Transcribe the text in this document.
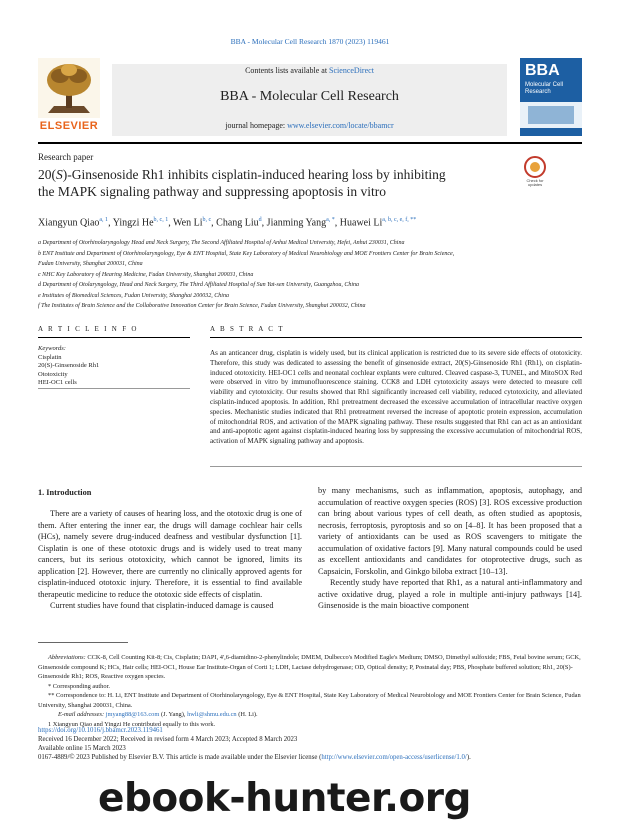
BBA - Molecular Cell Research 1870 (2023) 119461
ELSEVIER
Contents lists available at ScienceDirect
BBA - Molecular Cell Research
journal homepage: www.elsevier.com/locate/bbamcr
BBA
Molecular Cell
Research
Research paper
20(S)-Ginsenoside Rh1 inhibits cisplatin-induced hearing loss by inhibiting
the MAPK signaling pathway and suppressing apoptosis in vitro
Check for updates
Xiangyun Qiao$^{a, 1}$, Yingzi He$^{b, c, 1}$, Wen Li$^{b, c}$, Chang Liu$^d$, Jianming Yang$^{a, *}$, Huawei $Li^{a, b, c, e, f, **}$
a Department of Otorhinolaryngology Head and Neck Surgery, The Second Affiliated Hospital of Anhui Medical University, Hefei, Anhui 230031, China
b ENT Institute and Department of Otorhinolaryngology, Eye & ENT Hospital, State Key Laboratory of Medical Neurobiology and MOE Frontiers Center for Brain Science,
Fudan University, Shanghai 200031, China
c NHC Key Laboratory of Hearing Medicine, Fudan University, Shanghai 200031, China
d Department of Otolaryngology, Head and Neck Surgery, The Third Affiliated Hospital of Sun Yat-sen University, Guangzhou, China
e Institutes of Biomedical Sciences, Fudan University, Shanghai 200032, China
f The Institutes of Brain Science and the Collaborative Innovation Center for Brain Science, Fudan University, Shanghai 200032, China
A R T I C L E I N F O
Keywords:
Cisplatin
20(S)-Ginsenoside Rh1
Ototoxicity
HEI-OC1 cells
A B S T R A C T
As an anticancer drug, cisplatin is widely used, but its clinical application is restricted due to its severe side effects of ototoxicity. Therefore, this study was dedicated to assessing the benefit of ginsenoside extract, 20(S)-Ginsenoside Rh1 (Rh1), on cisplatin-induced ototoxicity. HEI-OC1 cells and neonatal cochlear explants were cultured. Cleaved caspase-3, TUNEL, and MitoSOX Red were observed in vitro by immunofluorescence staining. CCK8 and LDH cytotoxicity assays were detected to measure cell viability and cytotoxicity. Our results showed that Rh1 significantly increased cell viability, reduced cytotoxicity, and alleviated cisplatin-induced apoptosis. In addition, Rh1 pretreatment decreased the excessive accumulation of intracellular reactive oxygen species. Mechanistic studies indicated that Rh1 pretreatment reversed the increase of apoptotic protein expression, accumulation of mitochondrial ROS, and activation of the MAPK signaling pathway. These results suggested that Rh1 can act as an antioxidant and anti-apoptotic agent against cisplatin-induced hearing loss by suppressing the excessive accumulation of mitochondrial ROS, activation of MAPK signaling pathway and apoptosis.
1. Introduction

There are a variety of causes of hearing loss, and the ototoxic drug is one of them. After entering the inner ear, the drugs will damage cochlear hair cells (HCs), namely severe drug-induced deafness and vestibular dysfunction [1]. Cisplatin is one of these ototoxic drugs and is widely used to treat many cancers, but its serious ototoxicity, which cannot be ignored, limits its application [2]. However, there are currently no clinically approved agents for cisplatin-induced ototoxic injury. Therefore, it is essential to find available therapeutic medicine to reduce the ototoxic side effects of cisplatin.

Current studies have found that cisplatin-induced damage is caused

by many mechanisms, such as inflammation, apoptosis, autophagy, and accumulation of reactive oxygen species (ROS) [3]. ROS excessive production can bring about various types of cell death, as often studied as apoptosis, necrosis, ferroptosis, pyroptosis and so on [4–8]. It has been proposed that a variety of antioxidants can be used as ROS scavengers to mitigate the accumulation of oxidative factors [9]. Many natural compounds could be used as excellent antioxidants and candidates for otoprotective drugs, such as Capsaicin, Forskolin, and Ginkgo biloba extract [10–13].

Recently study have reported that Rh1, as a natural anti-inflammatory and active oxidative drug, played a role in multiple anti-injury pathways [14]. Ginsenoside is the main bioactive component

Abbreviations: CCK-8, Cell Counting Kit-8; Cis, Cisplatin; DAPI, 4',6-diamidino-2-phenylindole; DMEM, Dulbecco's Modified Eagle's Medium; DMSO, Dimethyl sulfoxide; FBS, Fetal bovine serum; GCK, Ginsenoside compound K; HCs, Hair cells; HEI-OC1, House Ear Institute-Organ of Corti 1; LDH, Lactase dehydrogenase; OD, Optical density; P, Postnatal day; PBS, Phosphate buffered solution; Rh1, 20(S)-Ginsenoside Rh1; ROS, Reactive oxygen species.

* Corresponding author.

** Correspondence to: H. Li, ENT Institute and Department of Otorhinolaryngology, Eye & ENT Hospital, State Key Laboratory of Medical Neurobiology and MOE Frontiers Center for Brain Science, Fudan University, Shanghai 200031, China.

E-mail addresses: jmyang88@163.com (J. Yang), hwli@shmu.edu.cn (H. Li).

1 Xiangyun Qiao and Yingzi He contributed equally to this work.

https://doi.org/10.1016/j.bbamcr.2023.119461
Received 16 December 2022; Received in revised form 4 March 2023; Accepted 8 March 2023
Available online 15 March 2023
0167-4889/© 2023 Published by Elsevier B.V. This article is made available under the Elsevier license (http://www.elsevier.com/open-access/userlicense/1.0/).
ebook-hunter.org
